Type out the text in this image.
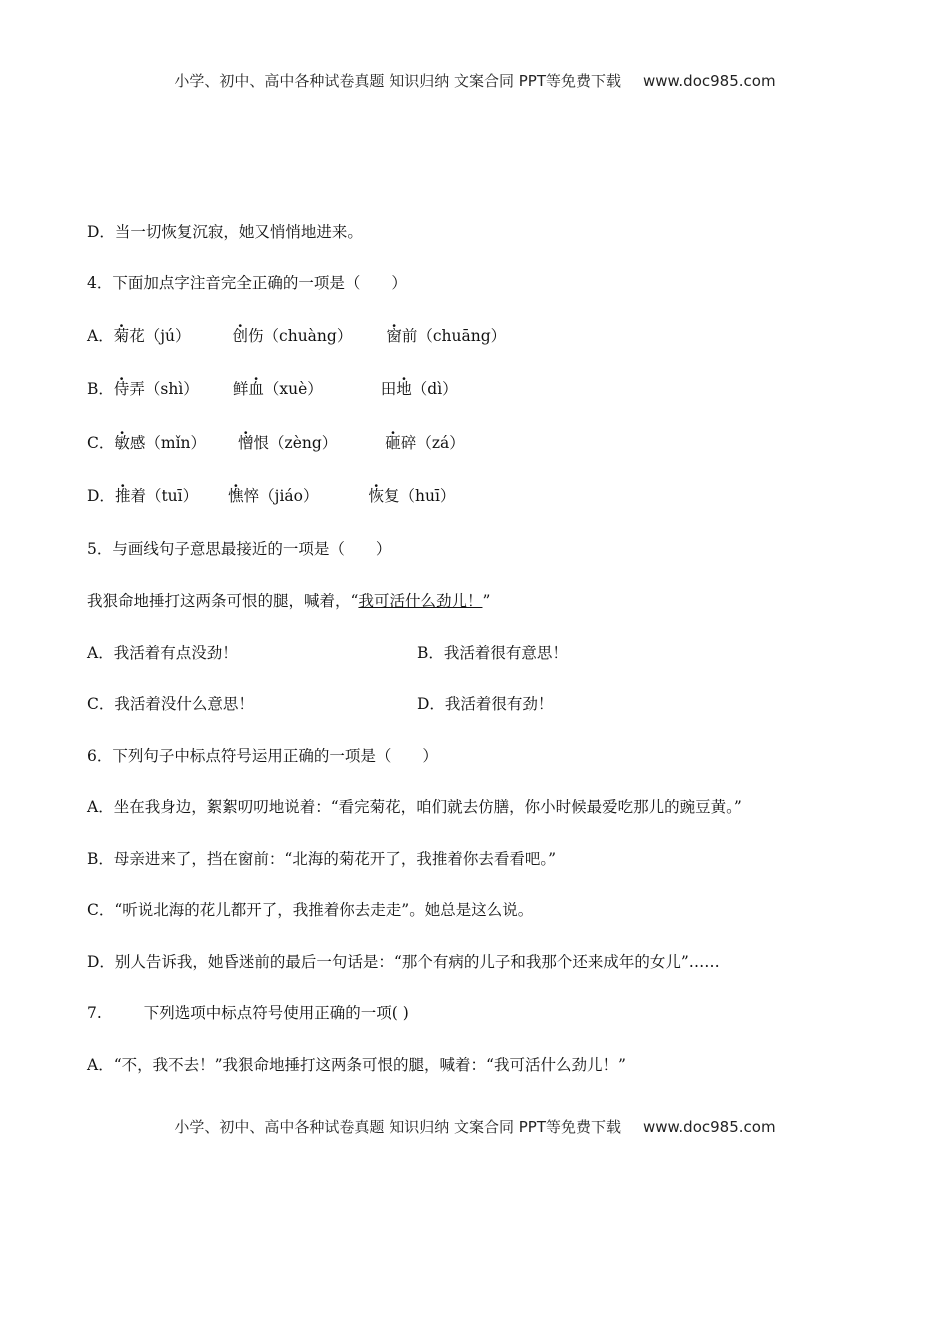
小学、初中、高中各种试卷真题 知识归纳 文案合同 PPT等免费下载 www.doc985.com
D．当一切恢复沉寂，她又悄悄地进来。
4．下面加点字注音完全正确的一项是（　　）
A．菊花（jú）	创伤（chuàng） 窗前（chuāng）
B．侍弄（shì） 鲜血（xuè）	田地（dì）
C．敏感（mǐn） 憎恨（zèng）	砸碎（zá）
D．推着（tuī） 憔悴（jiáo）	恢复（huī）
5．与画线句子意思最接近的一项是（　　）
我狠命地捶打这两条可恨的腿，喊着，“我可活什么劲儿！”
A．我活着有点没劲！	B．我活着很有意思！
C．我活着没什么意思！	D．我活着很有劲！
6．下列句子中标点符号运用正确的一项是（　　）
A．坐在我身边，絮絮叨叨地说着：“看完菊花，咱们就去仿膳，你小时候最爱吃那儿的豌豆黄。”
B．母亲进来了，挡在窗前：“北海的菊花开了，我推着你去看看吧。”
C．“听说北海的花儿都开了，我推着你去走走”。她总是这么说。
D．别人告诉我，她昏迷前的最后一句话是：“那个有病的儿子和我那个还来成年的女儿”……
7.	下列选项中标点符号使用正确的一项( )
A．“不，我不去！”我狠命地捶打这两条可恨的腿，喊着：“我可活什么劲儿！”
小学、初中、高中各种试卷真题 知识归纳 文案合同 PPT等免费下载 www.doc985.com
